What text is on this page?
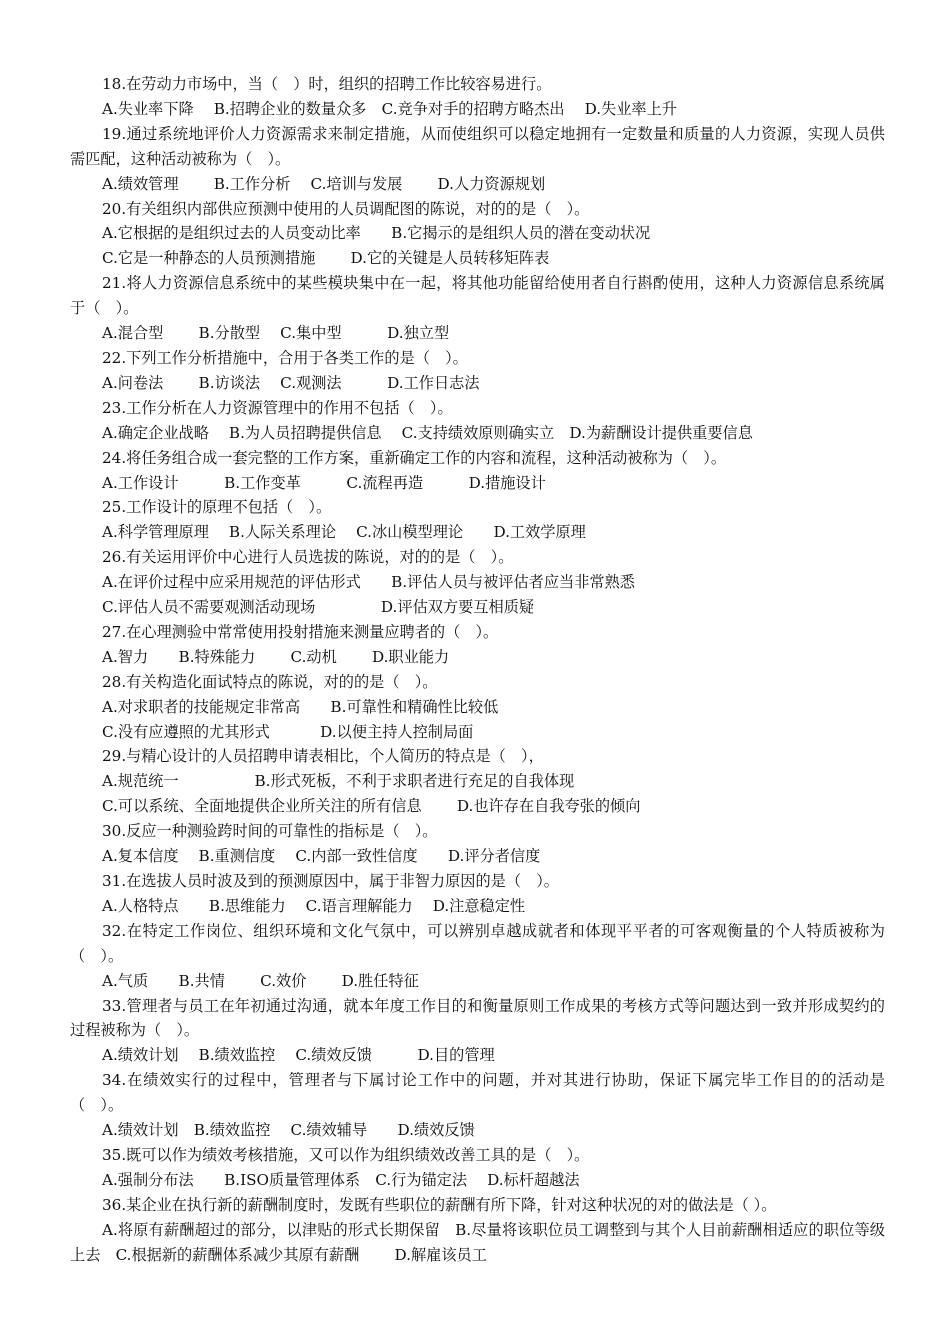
18.在劳动力市场中，当（　）时，组织的招聘工作比较容易进行。

A.失业率下降　 B.招聘企业的数量众多　C.竞争对手的招聘方略杰出　 D.失业率上升

19.通过系统地评价人力资源需求来制定措施，从而使组织可以稳定地拥有一定数量和质量的人力资源，实现人员供需匹配，这种活动被称为（　）。

A.绩效管理　　 B.工作分析　 C.培训与发展　　 D.人力资源规划

20.有关组织内部供应预测中使用的人员调配图的陈说，对的的是（　）。

A.它根据的是组织过去的人员变动比率　　B.它揭示的是组织人员的潜在变动状况

C.它是一种静态的人员预测措施　　 D.它的关键是人员转移矩阵表

21.将人力资源信息系统中的某些模块集中在一起，将其他功能留给使用者自行斟酌使用，这种人力资源信息系统属于（　）。

A.混合型　　 B.分散型　 C.集中型　　　D.独立型

22.下列工作分析措施中，合用于各类工作的是（　）。

A.问卷法　　 B.访谈法　 C.观测法　　　D.工作日志法

23.工作分析在人力资源管理中的作用不包括（　）。

A.确定企业战略　 B.为人员招聘提供信息　 C.支持绩效原则确实立　D.为薪酬设计提供重要信息

24.将任务组合成一套完整的工作方案，重新确定工作的内容和流程，这种活动被称为（　）。

A.工作设计　　　B.工作变革　　　C.流程再造　　　D.措施设计

25.工作设计的原理不包括（　）。

A.科学管理原理　 B.人际关系理论　 C.冰山模型理论　　D.工效学原理

26.有关运用评价中心进行人员选拔的陈说，对的的是（　）。

A.在评价过程中应采用规范的评估形式　　B.评估人员与被评估者应当非常熟悉

C.评估人员不需要观测活动现场　　　　 D.评估双方要互相质疑

27.在心理测验中常常使用投射措施来测量应聘者的（　）。

A.智力　　B.特殊能力　　 C.动机　　 D.职业能力

28.有关构造化面试特点的陈说，对的的是（　）。

A.对求职者的技能规定非常高　　B.可靠性和精确性比较低

C.没有应遵照的尤其形式　　　 D.以便主持人控制局面

29.与精心设计的人员招聘申请表相比，个人简历的特点是（　），

A.规范统一　　　　　B.形式死板，不利于求职者进行充足的自我体现

C.可以系统、全面地提供企业所关注的所有信息　　 D.也许存在自我夸张的倾向

30.反应一种测验跨时间的可靠性的指标是（　）。

A.复本信度　 B.重测信度　 C.内部一致性信度　　D.评分者信度

31.在选拔人员时波及到的预测原因中，属于非智力原因的是（　）。

A.人格特点　　B.思维能力　 C.语言理解能力　 D.注意稳定性

32.在特定工作岗位、组织环境和文化气氛中，可以辨别卓越成就者和体现平平者的可客观衡量的个人特质被称为（　）。

A.气质　　B.共情　　 C.效价　　 D.胜任特征

33.管理者与员工在年初通过沟通，就本年度工作目的和衡量原则工作成果的考核方式等问题达到一致并形成契约的过程被称为（　）。

A.绩效计划　 B.绩效监控　 C.绩效反馈　　　D.目的管理

34.在绩效实行的过程中，管理者与下属讨论工作中的问题，并对其进行协助，保证下属完毕工作目的的活动是（　）。

A.绩效计划　B.绩效监控　 C.绩效辅导　　D.绩效反馈

35.既可以作为绩效考核措施，又可以作为组织绩效改善工具的是（　）。

A.强制分布法　　B.ISO质量管理体系　C.行为锚定法　 D.标杆超越法

36.某企业在执行新的薪酬制度时，发既有些职位的薪酬有所下降，针对这种状况的对的做法是（ ）。

A.将原有薪酬超过的部分，以津贴的形式长期保留　B.尽量将该职位员工调整到与其个人目前薪酬相适应的职位等级上去　C.根据新的薪酬体系减少其原有薪酬　　 D.解雇该员工
